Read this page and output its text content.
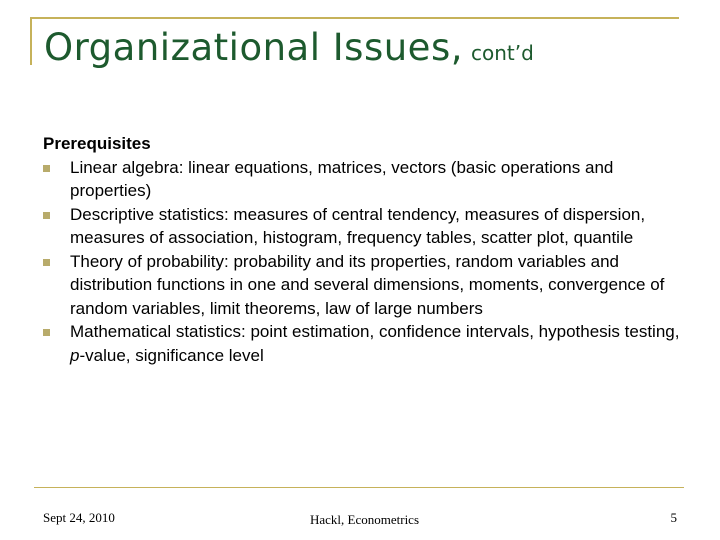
Organizational Issues, cont’d
Prerequisites
Linear algebra: linear equations, matrices, vectors (basic operations and properties)
Descriptive statistics: measures of central tendency, measures of dispersion, measures of association, histogram, frequency tables, scatter plot, quantile
Theory of probability: probability and its properties, random variables and distribution functions in one and several dimensions, moments, convergence of random variables, limit theorems, law of large numbers
Mathematical statistics: point estimation, confidence intervals, hypothesis testing, p-value, significance level
Sept 24, 2010	Hackl, Econometrics	5
